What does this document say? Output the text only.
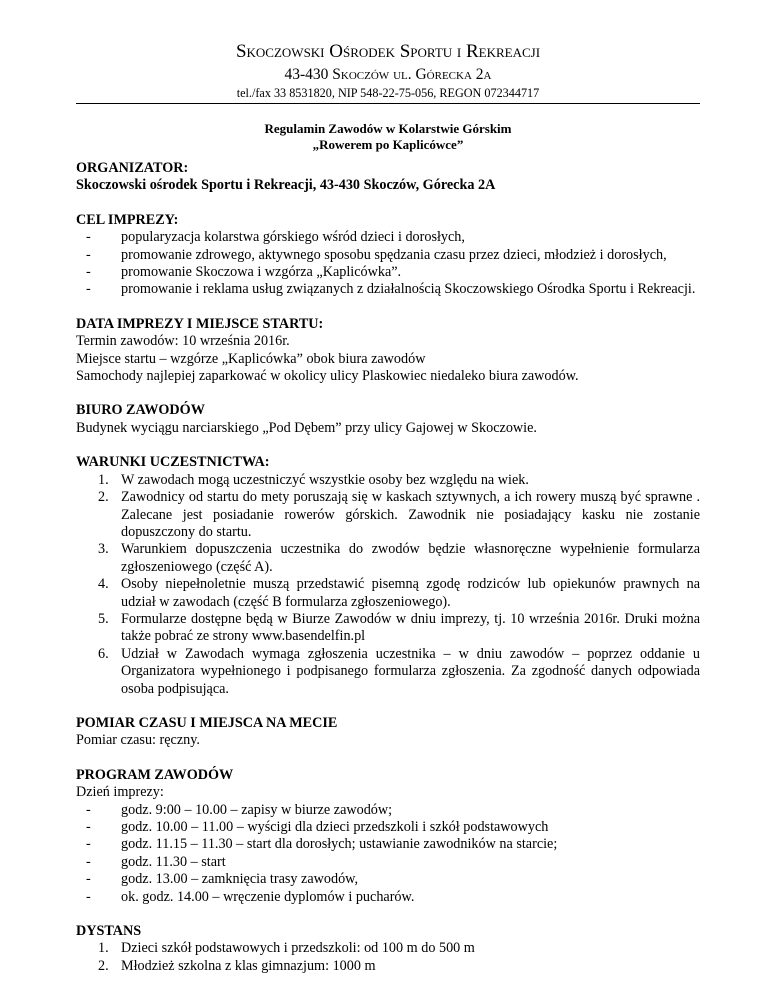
Skoczowski Ośrodek Sportu i Rekreacji
43-430 Skoczów ul. Górecka 2a
tel./fax 33 8531820, NIP 548-22-75-056, REGON 072344717
Regulamin Zawodów w Kolarstwie Górskim
„Rowerem po Kaplicówce”
ORGANIZATOR:

Skoczowski ośrodek Sportu i Rekreacji, 43-430 Skoczów, Górecka 2A

CEL IMPREZY:
- popularyzacja kolarstwa górskiego wśród dzieci i dorosłych,
- promowanie zdrowego, aktywnego sposobu spędzania czasu przez dzieci, młodzież i dorosłych,
- promowanie Skoczowa i wzgórza „Kaplicówka”.
- promowanie i reklama usług związanych z działalnością Skoczowskiego Ośrodka Sportu i Rekreacji.
DATA IMPREZY I MIEJSCE STARTU:

Termin zawodów: 10 września 2016r.

Miejsce startu – wzgórze „Kaplicówka” obok biura zawodów

Samochody najlepiej zaparkować w okolicy ulicy Plaskowiec niedaleko biura zawodów.

BIURO ZAWODÓW

Budynek wyciągu narciarskiego „Pod Dębem” przy ulicy Gajowej w Skoczowie.

WARUNKI UCZESTNICTWA:
1. W zawodach mogą uczestniczyć wszystkie osoby bez względu na wiek.
2. Zawodnicy od startu do mety poruszają się w kaskach sztywnych, a ich rowery muszą być sprawne . Zalecane jest posiadanie rowerów górskich. Zawodnik nie posiadający kasku nie zostanie dopuszczony do startu.
3. Warunkiem dopuszczenia uczestnika do zwodów będzie własnoręczne wypełnienie formularza zgłoszeniowego (część A).
4. Osoby niepełnoletnie muszą przedstawić pisemną zgodę rodziców lub opiekunów prawnych na udział w zawodach (część B formularza zgłoszeniowego).
5. Formularze dostępne będą w Biurze Zawodów w dniu imprezy, tj. 10 września 2016r. Druki można także pobrać ze strony www.basendelfin.pl
6. Udział w Zawodach wymaga zgłoszenia uczestnika – w dniu zawodów – poprzez oddanie u Organizatora wypełnionego i podpisanego formularza zgłoszenia. Za zgodność danych odpowiada osoba podpisująca.
POMIAR CZASU I MIEJSCA NA MECIE

Pomiar czasu: ręczny.

PROGRAM ZAWODÓW

Dzień imprezy:

- godz. 9:00 – 10.00 – zapisy w biurze zawodów;
- godz. 10.00 – 11.00 – wyścigi dla dzieci przedszkoli i szkół podstawowych
- godz. 11.15 – 11.30 – start dla dorosłych; ustawianie zawodników na starcie;
- godz. 11.30 – start
- godz. 13.00 – zamknięcia trasy zawodów,
- ok. godz. 14.00 – wręczenie dyplomów i pucharów.
DYSTANS
1. Dzieci szkół podstawowych i przedszkoli: od 100 m do 500 m
2. Młodzież szkolna z klas gimnazjum: 1000 m
